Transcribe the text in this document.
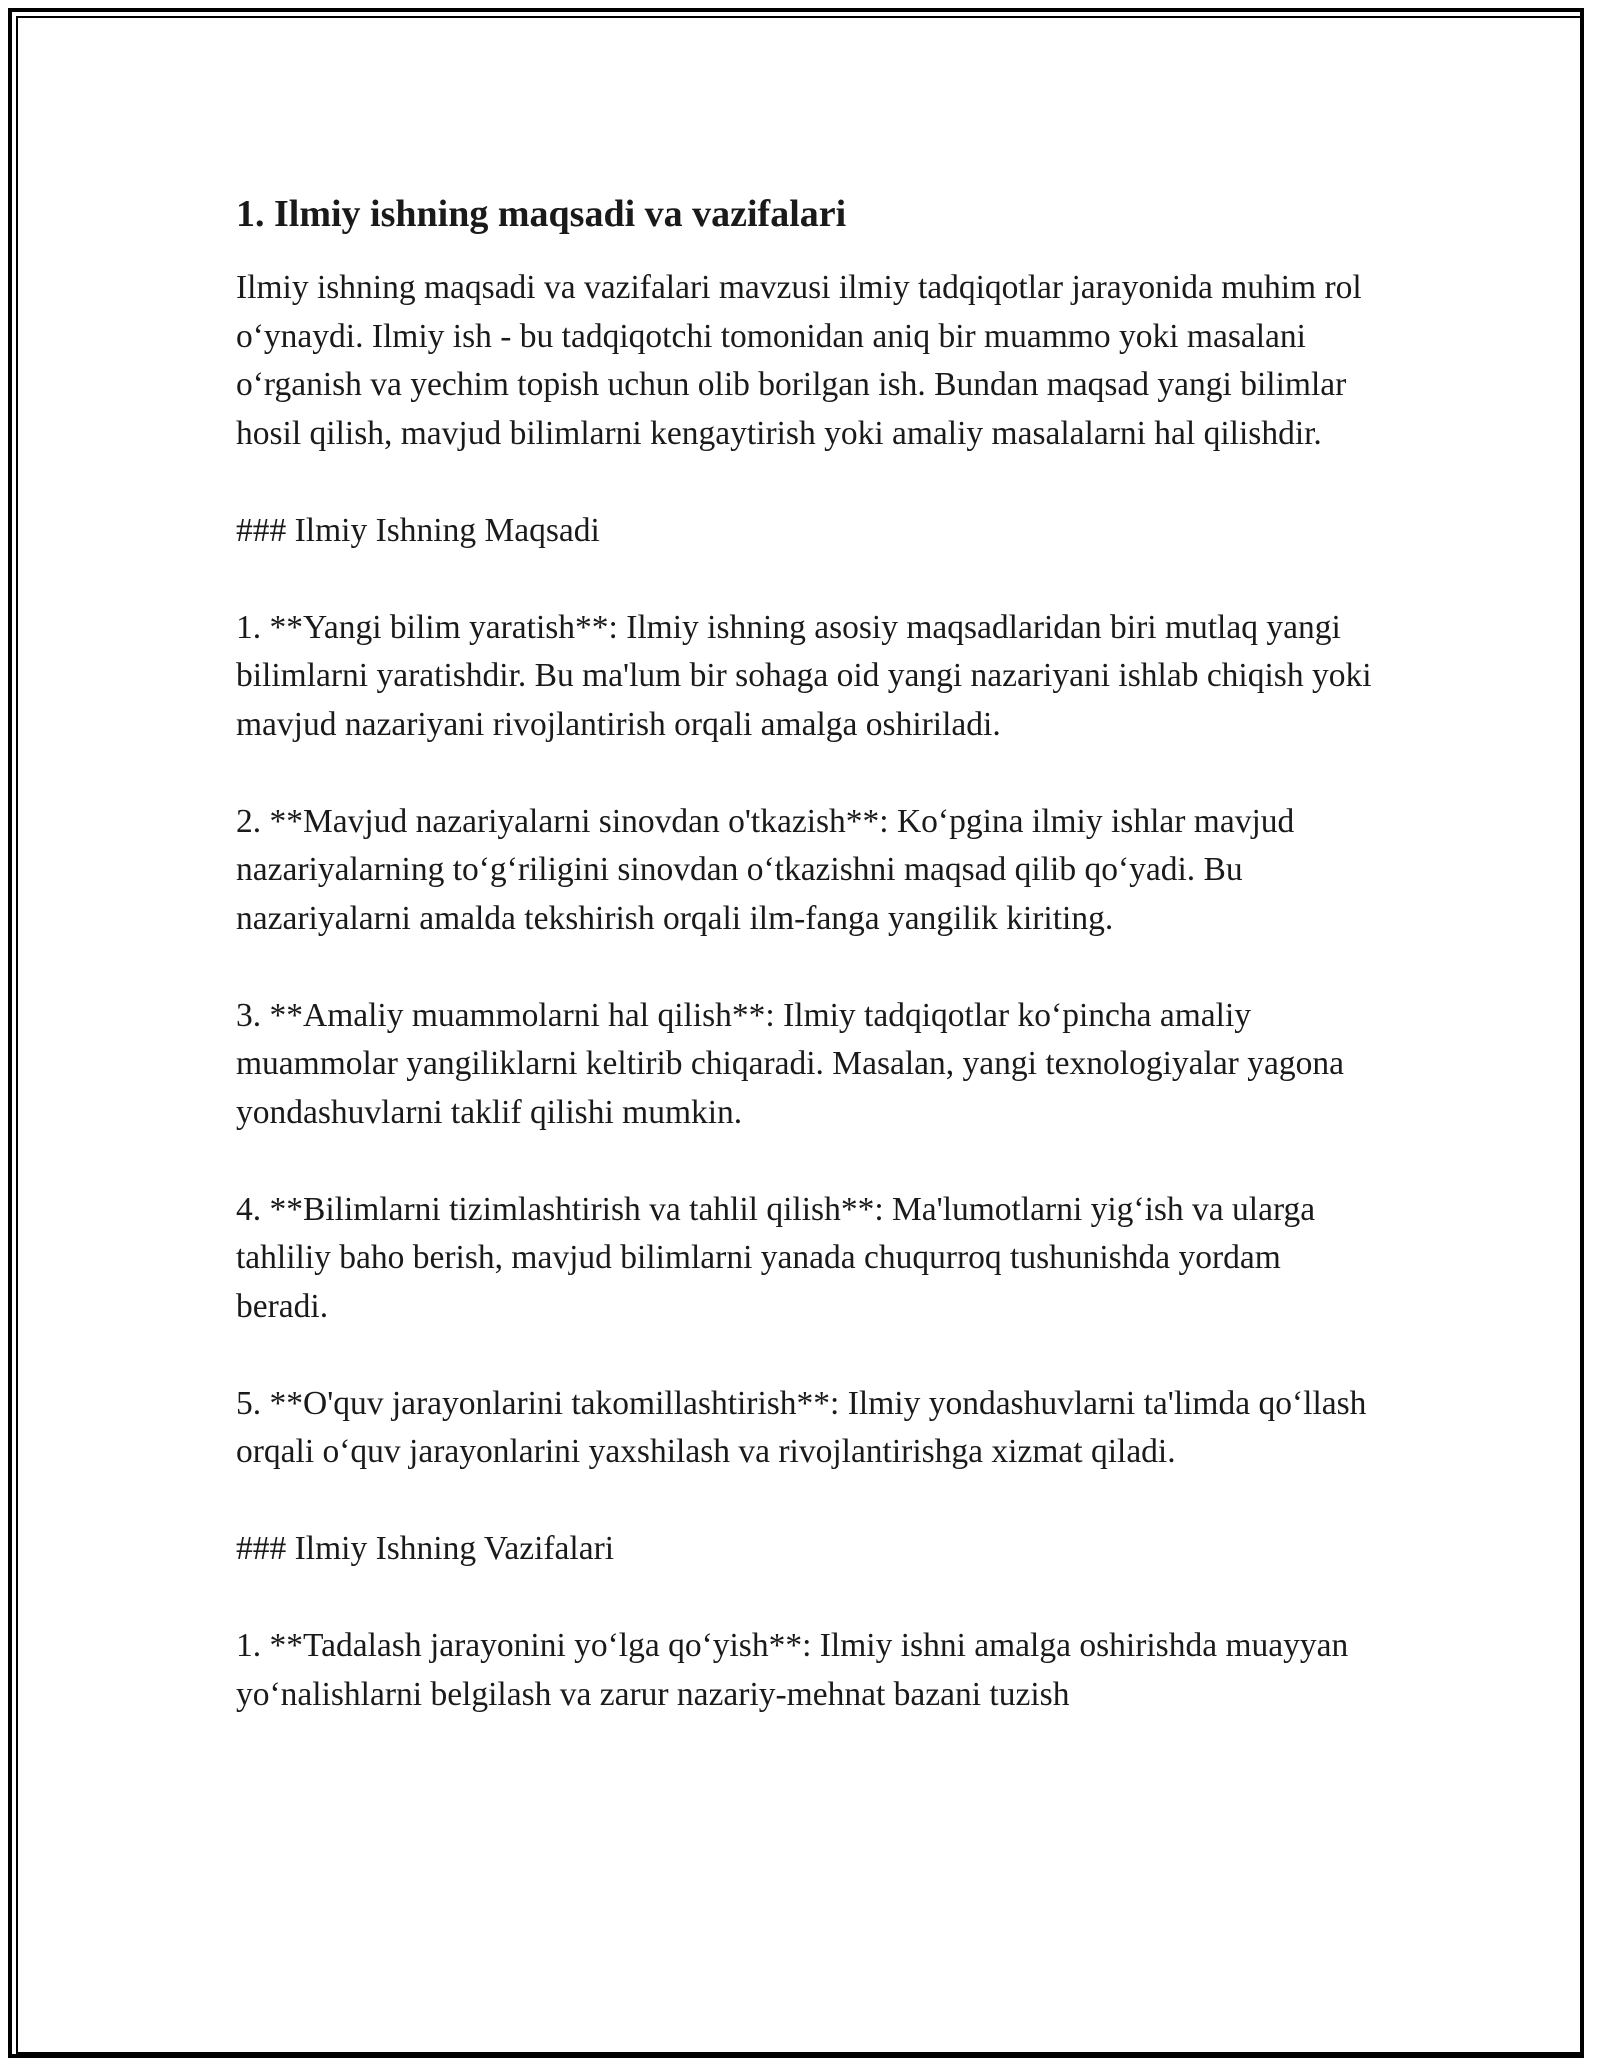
1. Ilmiy ishning maqsadi va vazifalari

Ilmiy ishning maqsadi va vazifalari mavzusi ilmiy tadqiqotlar jarayonida muhim rol o‘ynaydi. Ilmiy ish - bu tadqiqotchi tomonidan aniq bir muammo yoki masalani o‘rganish va yechim topish uchun olib borilgan ish. Bundan maqsad yangi bilimlar hosil qilish, mavjud bilimlarni kengaytirish yoki amaliy masalalarni hal qilishdir.

### Ilmiy Ishning Maqsadi

1. **Yangi bilim yaratish**: Ilmiy ishning asosiy maqsadlaridan biri mutlaq yangi bilimlarni yaratishdir. Bu ma'lum bir sohaga oid yangi nazariyani ishlab chiqish yoki mavjud nazariyani rivojlantirish orqali amalga oshiriladi.

2. **Mavjud nazariyalarni sinovdan o'tkazish**: Ko‘pgina ilmiy ishlar mavjud nazariyalarning to‘g‘riligini sinovdan o‘tkazishni maqsad qilib qo‘yadi. Bu nazariyalarni amalda tekshirish orqali ilm-fanga yangilik kiriting.

3. **Amaliy muammolarni hal qilish**: Ilmiy tadqiqotlar ko‘pincha amaliy muammolar yangiliklarni keltirib chiqaradi. Masalan, yangi texnologiyalar yagona yondashuvlarni taklif qilishi mumkin.

4. **Bilimlarni tizimlashtirish va tahlil qilish**: Ma'lumotlarni yig‘ish va ularga tahliliy baho berish, mavjud bilimlarni yanada chuqurroq tushunishda yordam beradi.

5. **O'quv jarayonlarini takomillashtirish**: Ilmiy yondashuvlarni ta'limda qo‘llash orqali o‘quv jarayonlarini yaxshilash va rivojlantirishga xizmat qiladi.

### Ilmiy Ishning Vazifalari

1. **Tadalash jarayonini yo‘lga qo‘yish**: Ilmiy ishni amalga oshirishda muayyan yo‘nalishlarni belgilash va zarur nazariy-mehnat bazani tuzish
